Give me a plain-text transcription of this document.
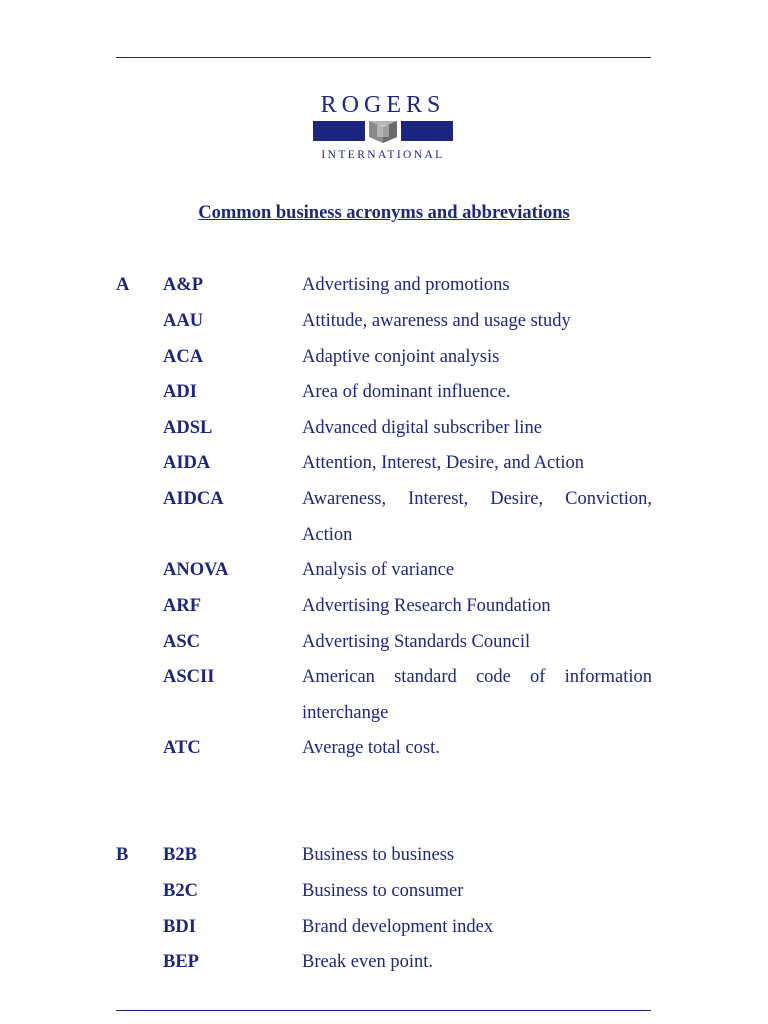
ROGERS
INTERNATIONAL
Common business acronyms and abbreviations
A A&P	Advertising and promotions
AAU	Attitude, awareness and usage study
ACA	Adaptive conjoint analysis
ADI	Area of dominant influence.
ADSL	Advanced digital subscriber line
AIDA	Attention, Interest, Desire, and Action
AIDCA	Awareness, Interest, Desire, Conviction,
Action
ANOVA	Analysis of variance
ARF	Advertising Research Foundation
ASC	Advertising Standards Council
ASCII	American standard code of information
interchange
ATC	Average total cost.
B B2B	Business to business
B2C	Business to consumer
BDI	Brand development index
BEP	Break even point.
